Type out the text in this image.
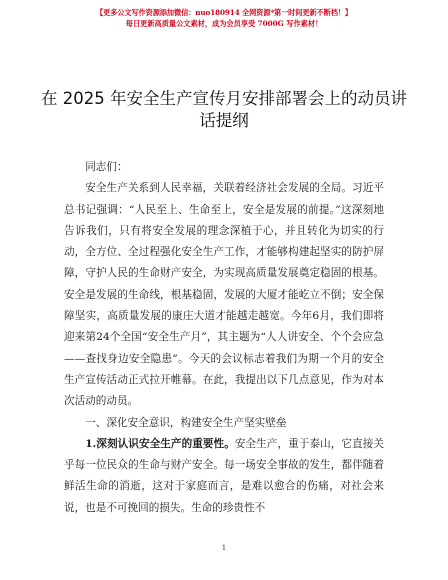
【更多公文写作资源添加微信：nuo180914 全网资源*第一时间更新不断档！】
每日更新高质量公文素材，成为会员享受 7000G 写作素材！
在 2025 年安全生产宣传月安排部署会上的动员讲话提纲

同志们：

安全生产关系到人民幸福，关联着经济社会发展的全局。习近平总书记强调：“人民至上、生命至上，安全是发展的前提。”这深刻地告诉我们，只有将安全发展的理念深植于心，并且转化为切实的行动，全方位、全过程强化安全生产工作，才能够构建起坚实的防护屏障，守护人民的生命财产安全，为实现高质量发展奠定稳固的根基。安全是发展的生命线，根基稳固，发展的大厦才能屹立不倒；安全保障坚实，高质量发展的康庄大道才能越走越宽。今年6月，我们即将迎来第24个全国“安全生产月”，其主题为“人人讲安全、个个会应急——查找身边安全隐患”。今天的会议标志着我们为期一个月的安全生产宣传活动正式拉开帷幕。在此，我提出以下几点意见，作为对本次活动的动员。

一、深化安全意识，构建安全生产坚实壁垒

1.深刻认识安全生产的重要性。安全生产，重于泰山，它直接关乎每一位民众的生命与财产安全。每一场安全事故的发生，都伴随着鲜活生命的消逝，这对于家庭而言，是难以愈合的伤痛，对社会来说，也是不可挽回的损失。生命的珍贵性不

1
